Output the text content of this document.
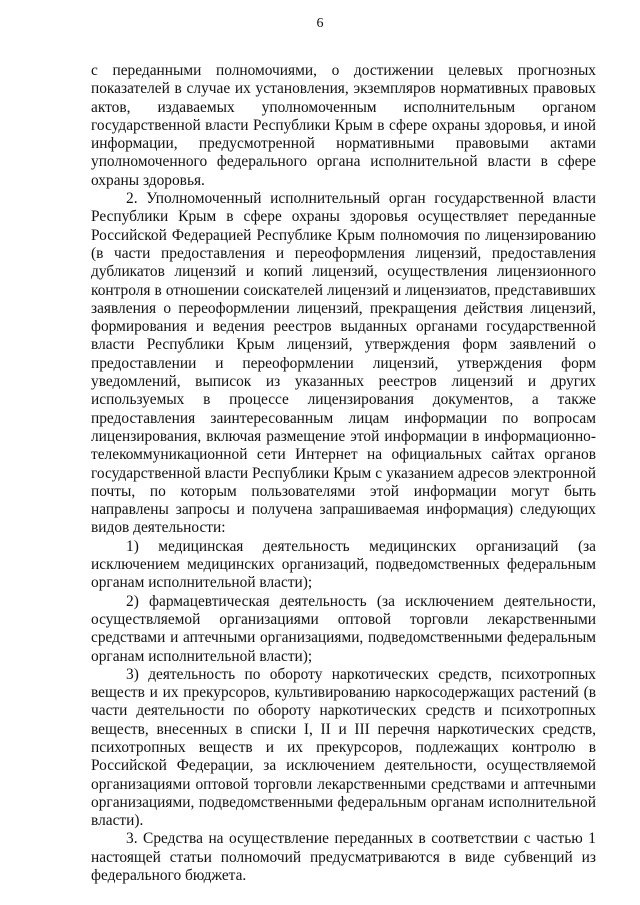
6

с переданными полномочиями, о достижении целевых прогнозных показателей в случае их установления, экземпляров нормативных правовых актов, издаваемых уполномоченным исполнительным органом государственной власти Республики Крым в сфере охраны здоровья, и иной информации, предусмотренной нормативными правовыми актами уполномоченного федерального органа исполнительной власти в сфере охраны здоровья.

2. Уполномоченный исполнительный орган государственной власти Республики Крым в сфере охраны здоровья осуществляет переданные Российской Федерацией Республике Крым полномочия по лицензированию (в части предоставления и переоформления лицензий, предоставления дубликатов лицензий и копий лицензий, осуществления лицензионного контроля в отношении соискателей лицензий и лицензиатов, представивших заявления о переоформлении лицензий, прекращения действия лицензий, формирования и ведения реестров выданных органами государственной власти Республики Крым лицензий, утверждения форм заявлений о предоставлении и переоформлении лицензий, утверждения форм уведомлений, выписок из указанных реестров лицензий и других используемых в процессе лицензирования документов, а также предоставления заинтересованным лицам информации по вопросам лицензирования, включая размещение этой информации в информационно-телекоммуникационной сети Интернет на официальных сайтах органов государственной власти Республики Крым с указанием адресов электронной почты, по которым пользователями этой информации могут быть направлены запросы и получена запрашиваемая информация) следующих видов деятельности:

1) медицинская деятельность медицинских организаций (за исключением медицинских организаций, подведомственных федеральным органам исполнительной власти);

2) фармацевтическая деятельность (за исключением деятельности, осуществляемой организациями оптовой торговли лекарственными средствами и аптечными организациями, подведомственными федеральным органам исполнительной власти);

3) деятельность по обороту наркотических средств, психотропных веществ и их прекурсоров, культивированию наркосодержащих растений (в части деятельности по обороту наркотических средств и психотропных веществ, внесенных в списки I, II и III перечня наркотических средств, психотропных веществ и их прекурсоров, подлежащих контролю в Российской Федерации, за исключением деятельности, осуществляемой организациями оптовой торговли лекарственными средствами и аптечными организациями, подведомственными федеральным органам исполнительной власти).

3. Средства на осуществление переданных в соответствии с частью 1 настоящей статьи полномочий предусматриваются в виде субвенций из федерального бюджета.
